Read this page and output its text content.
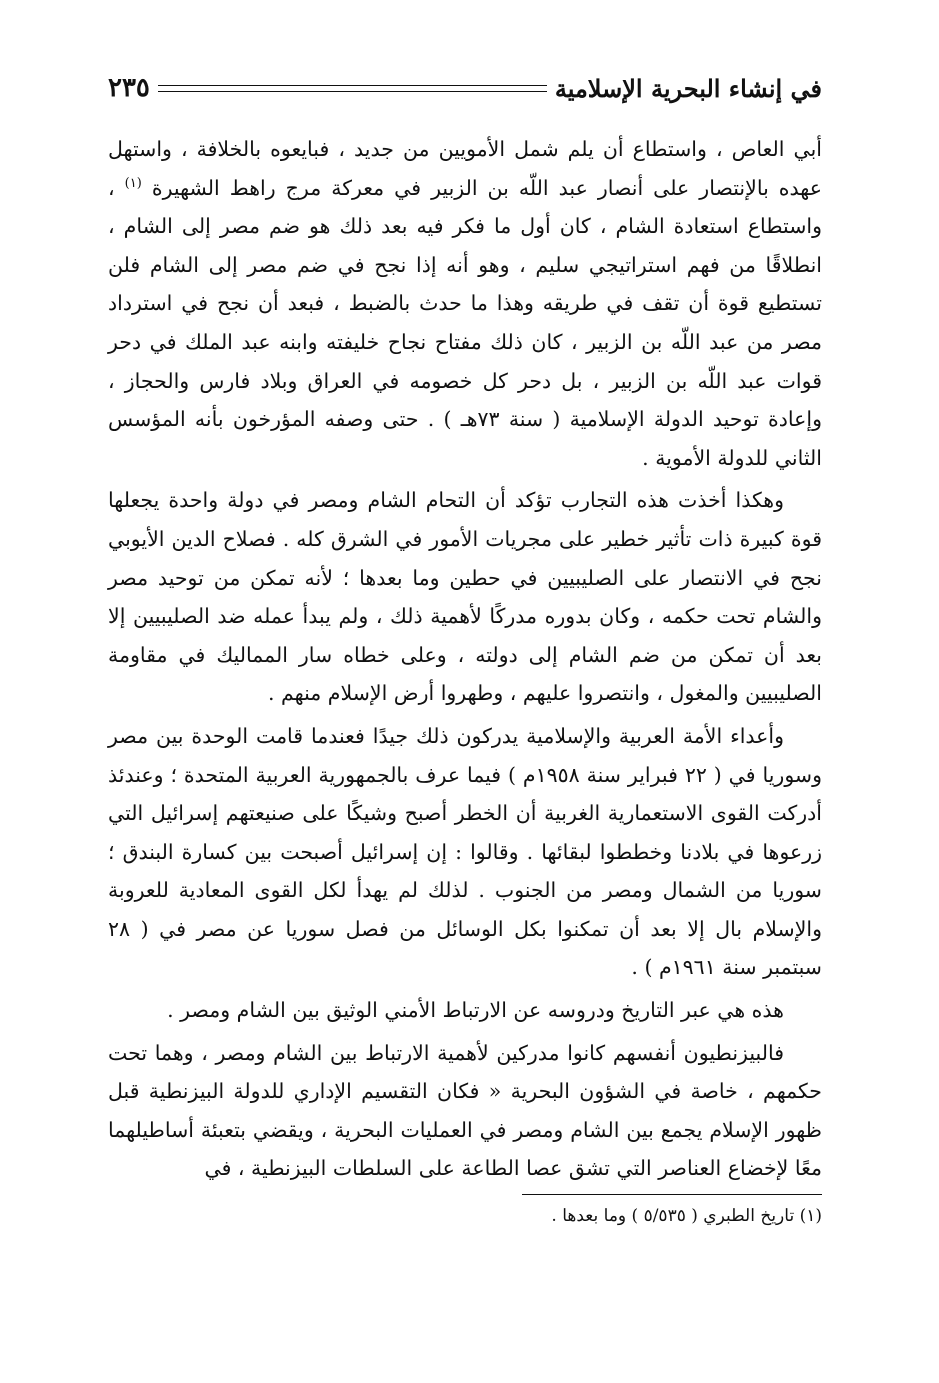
في إنشاء البحرية الإسلامية
٢٣٥

أبي العاص ، واستطاع أن يلم شمل الأمويين من جديد ، فبايعوه بالخلافة ، واستهل عهده بالإنتصار على أنصار عبد اللّه بن الزبير في معركة مرج راهط الشهيرة $^{(١)}$ ، واستطاع استعادة الشام ، كان أول ما فكر فيه بعد ذلك هو ضم مصر إلى الشام ، انطلاقًا من فهم استراتيجي سليم ، وهو أنه إذا نجح في ضم مصر إلى الشام فلن تستطيع قوة أن تقف في طريقه وهذا ما حدث بالضبط ، فبعد أن نجح في استرداد مصر من عبد اللّه بن الزبير ، كان ذلك مفتاح نجاح خليفته وابنه عبد الملك في دحر قوات عبد اللّه بن الزبير ، بل دحر كل خصومه في العراق وبلاد فارس والحجاز ، وإعادة توحيد الدولة الإسلامية ( سنة ٧٣هـ ) . حتى وصفه المؤرخون بأنه المؤسس الثاني للدولة الأموية .

وهكذا أخذت هذه التجارب تؤكد أن التحام الشام ومصر في دولة واحدة يجعلها قوة كبيرة ذات تأثير خطير على مجريات الأمور في الشرق كله . فصلاح الدين الأيوبي نجح في الانتصار على الصليبيين في حطين وما بعدها ؛ لأنه تمكن من توحيد مصر والشام تحت حكمه ، وكان بدوره مدركًا لأهمية ذلك ، ولم يبدأ عمله ضد الصليبيين إلا بعد أن تمكن من ضم الشام إلى دولته ، وعلى خطاه سار المماليك في مقاومة الصليبيين والمغول ، وانتصروا عليهم ، وطهروا أرض الإسلام منهم .

وأعداء الأمة العربية والإسلامية يدركون ذلك جيدًا فعندما قامت الوحدة بين مصر وسوريا في ( ٢٢ فبراير سنة ١٩٥٨م ) فيما عرف بالجمهورية العربية المتحدة ؛ وعندئذ أدركت القوى الاستعمارية الغربية أن الخطر أصبح وشيكًا على صنيعتهم إسرائيل التي زرعوها في بلادنا وخططوا لبقائها . وقالوا : إن إسرائيل أصبحت بين كسارة البندق ؛ سوريا من الشمال ومصر من الجنوب . لذلك لم يهدأ لكل القوى المعادية للعروبة والإسلام بال إلا بعد أن تمكنوا بكل الوسائل من فصل سوريا عن مصر في ( ٢٨ سبتمبر سنة ١٩٦١م ) .

هذه هي عبر التاريخ ودروسه عن الارتباط الأمني الوثيق بين الشام ومصر .

فالبيزنطيون أنفسهم كانوا مدركين لأهمية الارتباط بين الشام ومصر ، وهما تحت حكمهم ، خاصة في الشؤون البحرية « فكان التقسيم الإداري للدولة البيزنطية قبل ظهور الإسلام يجمع بين الشام ومصر في العمليات البحرية ، ويقضي بتعبئة أساطيلهما معًا لإخضاع العناصر التي تشق عصا الطاعة على السلطات البيزنطية ، في

(١) تاريخ الطبري ( ٥/٥٣٥ ) وما بعدها .
